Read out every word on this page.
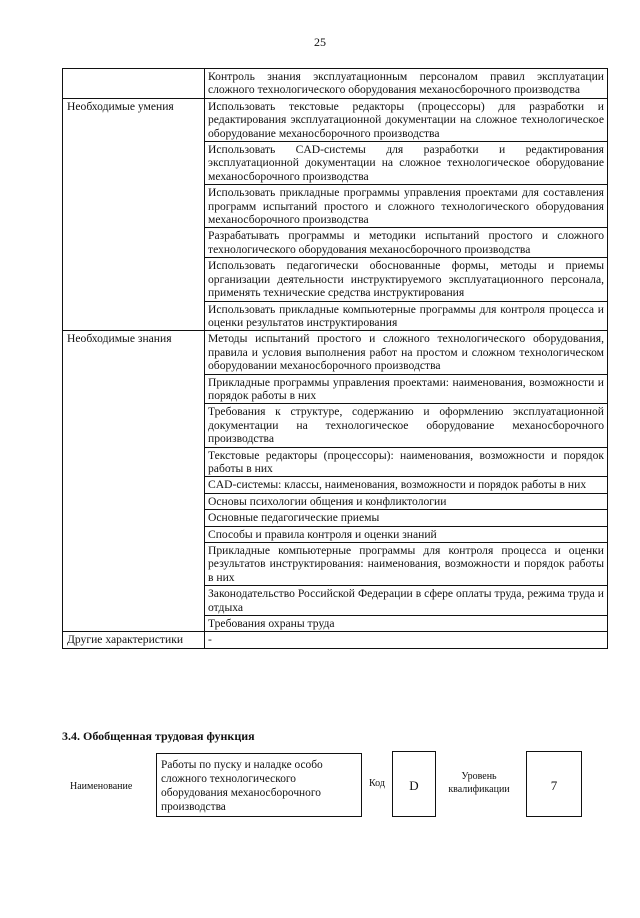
25
	Контроль знания эксплуатационным персоналом правил эксплуатации сложного технологического оборудования механосборочного производства
Необходимые умения	Использовать текстовые редакторы (процессоры) для разработки и редактирования эксплуатационной документации на сложное технологическое оборудование механосборочного производства
	Использовать CAD-системы для разработки и редактирования эксплуатационной документации на сложное технологическое оборудование механосборочного производства
	Использовать прикладные программы управления проектами для составления программ испытаний простого и сложного технологического оборудования механосборочного производства
	Разрабатывать программы и методики испытаний простого и сложного технологического оборудования механосборочного производства
	Использовать педагогически обоснованные формы, методы и приемы организации деятельности инструктируемого эксплуатационного персонала, применять технические средства инструктирования
	Использовать прикладные компьютерные программы для контроля процесса и оценки результатов инструктирования
Необходимые знания	Методы испытаний простого и сложного технологического оборудования, правила и условия выполнения работ на простом и сложном технологическом оборудовании механосборочного производства
	Прикладные программы управления проектами: наименования, возможности и порядок работы в них
	Требования к структуре, содержанию и оформлению эксплуатационной документации на технологическое оборудование механосборочного производства
	Текстовые редакторы (процессоры): наименования, возможности и порядок работы в них
	CAD-системы: классы, наименования, возможности и порядок работы в них
	Основы психологии общения и конфликтологии
	Основные педагогические приемы
	Способы и правила контроля и оценки знаний
	Прикладные компьютерные программы для контроля процесса и оценки результатов инструктирования: наименования, возможности и порядок работы в них
	Законодательство Российской Федерации в сфере оплаты труда, режима труда и отдыха
	Требования охраны труда
Другие характеристики	-
3.4. Обобщенная трудовая функция
Наименование
Работы по пуску и наладке особо сложного технологического оборудования механосборочного производства
Код	D
Уровень квалификации	7
